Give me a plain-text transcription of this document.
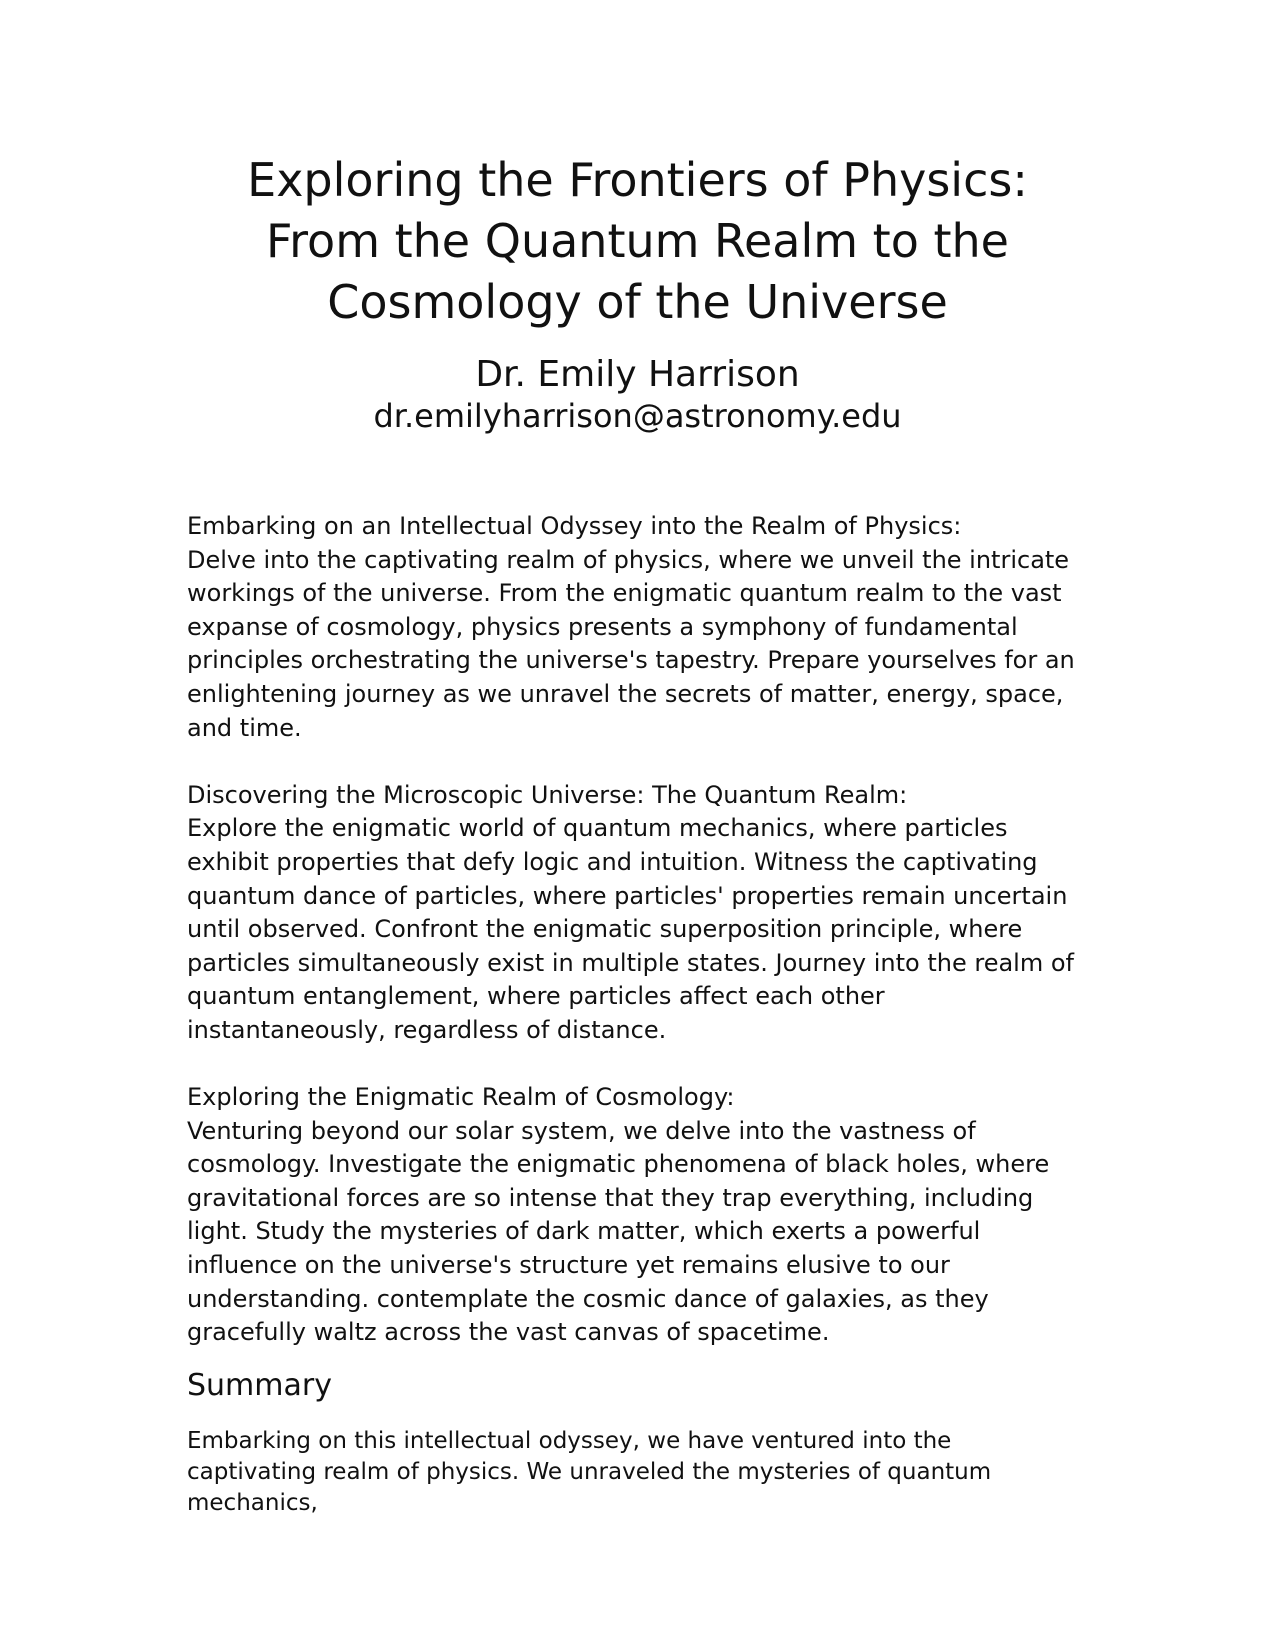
Exploring the Frontiers of Physics:
From the Quantum Realm to the
Cosmology of the Universe
Dr. Emily Harrison
dr.emilyharrison@astronomy.edu
Embarking on an Intellectual Odyssey into the Realm of Physics:
Delve into the captivating realm of physics, where we unveil the intricate workings of the universe. From the enigmatic quantum realm to the vast expanse of cosmology, physics presents a symphony of fundamental principles orchestrating the universe's tapestry. Prepare yourselves for an enlightening journey as we unravel the secrets of matter, energy, space, and time.
Discovering the Microscopic Universe: The Quantum Realm:
Explore the enigmatic world of quantum mechanics, where particles exhibit properties that defy logic and intuition. Witness the captivating quantum dance of particles, where particles' properties remain uncertain until observed. Confront the enigmatic superposition principle, where particles simultaneously exist in multiple states. Journey into the realm of quantum entanglement, where particles affect each other instantaneously, regardless of distance.
Exploring the Enigmatic Realm of Cosmology:
Venturing beyond our solar system, we delve into the vastness of cosmology. Investigate the enigmatic phenomena of black holes, where gravitational forces are so intense that they trap everything, including light. Study the mysteries of dark matter, which exerts a powerful influence on the universe's structure yet remains elusive to our understanding. contemplate the cosmic dance of galaxies, as they gracefully waltz across the vast canvas of spacetime.
Summary

Embarking on this intellectual odyssey, we have ventured into the captivating realm of physics. We unraveled the mysteries of quantum mechanics,
